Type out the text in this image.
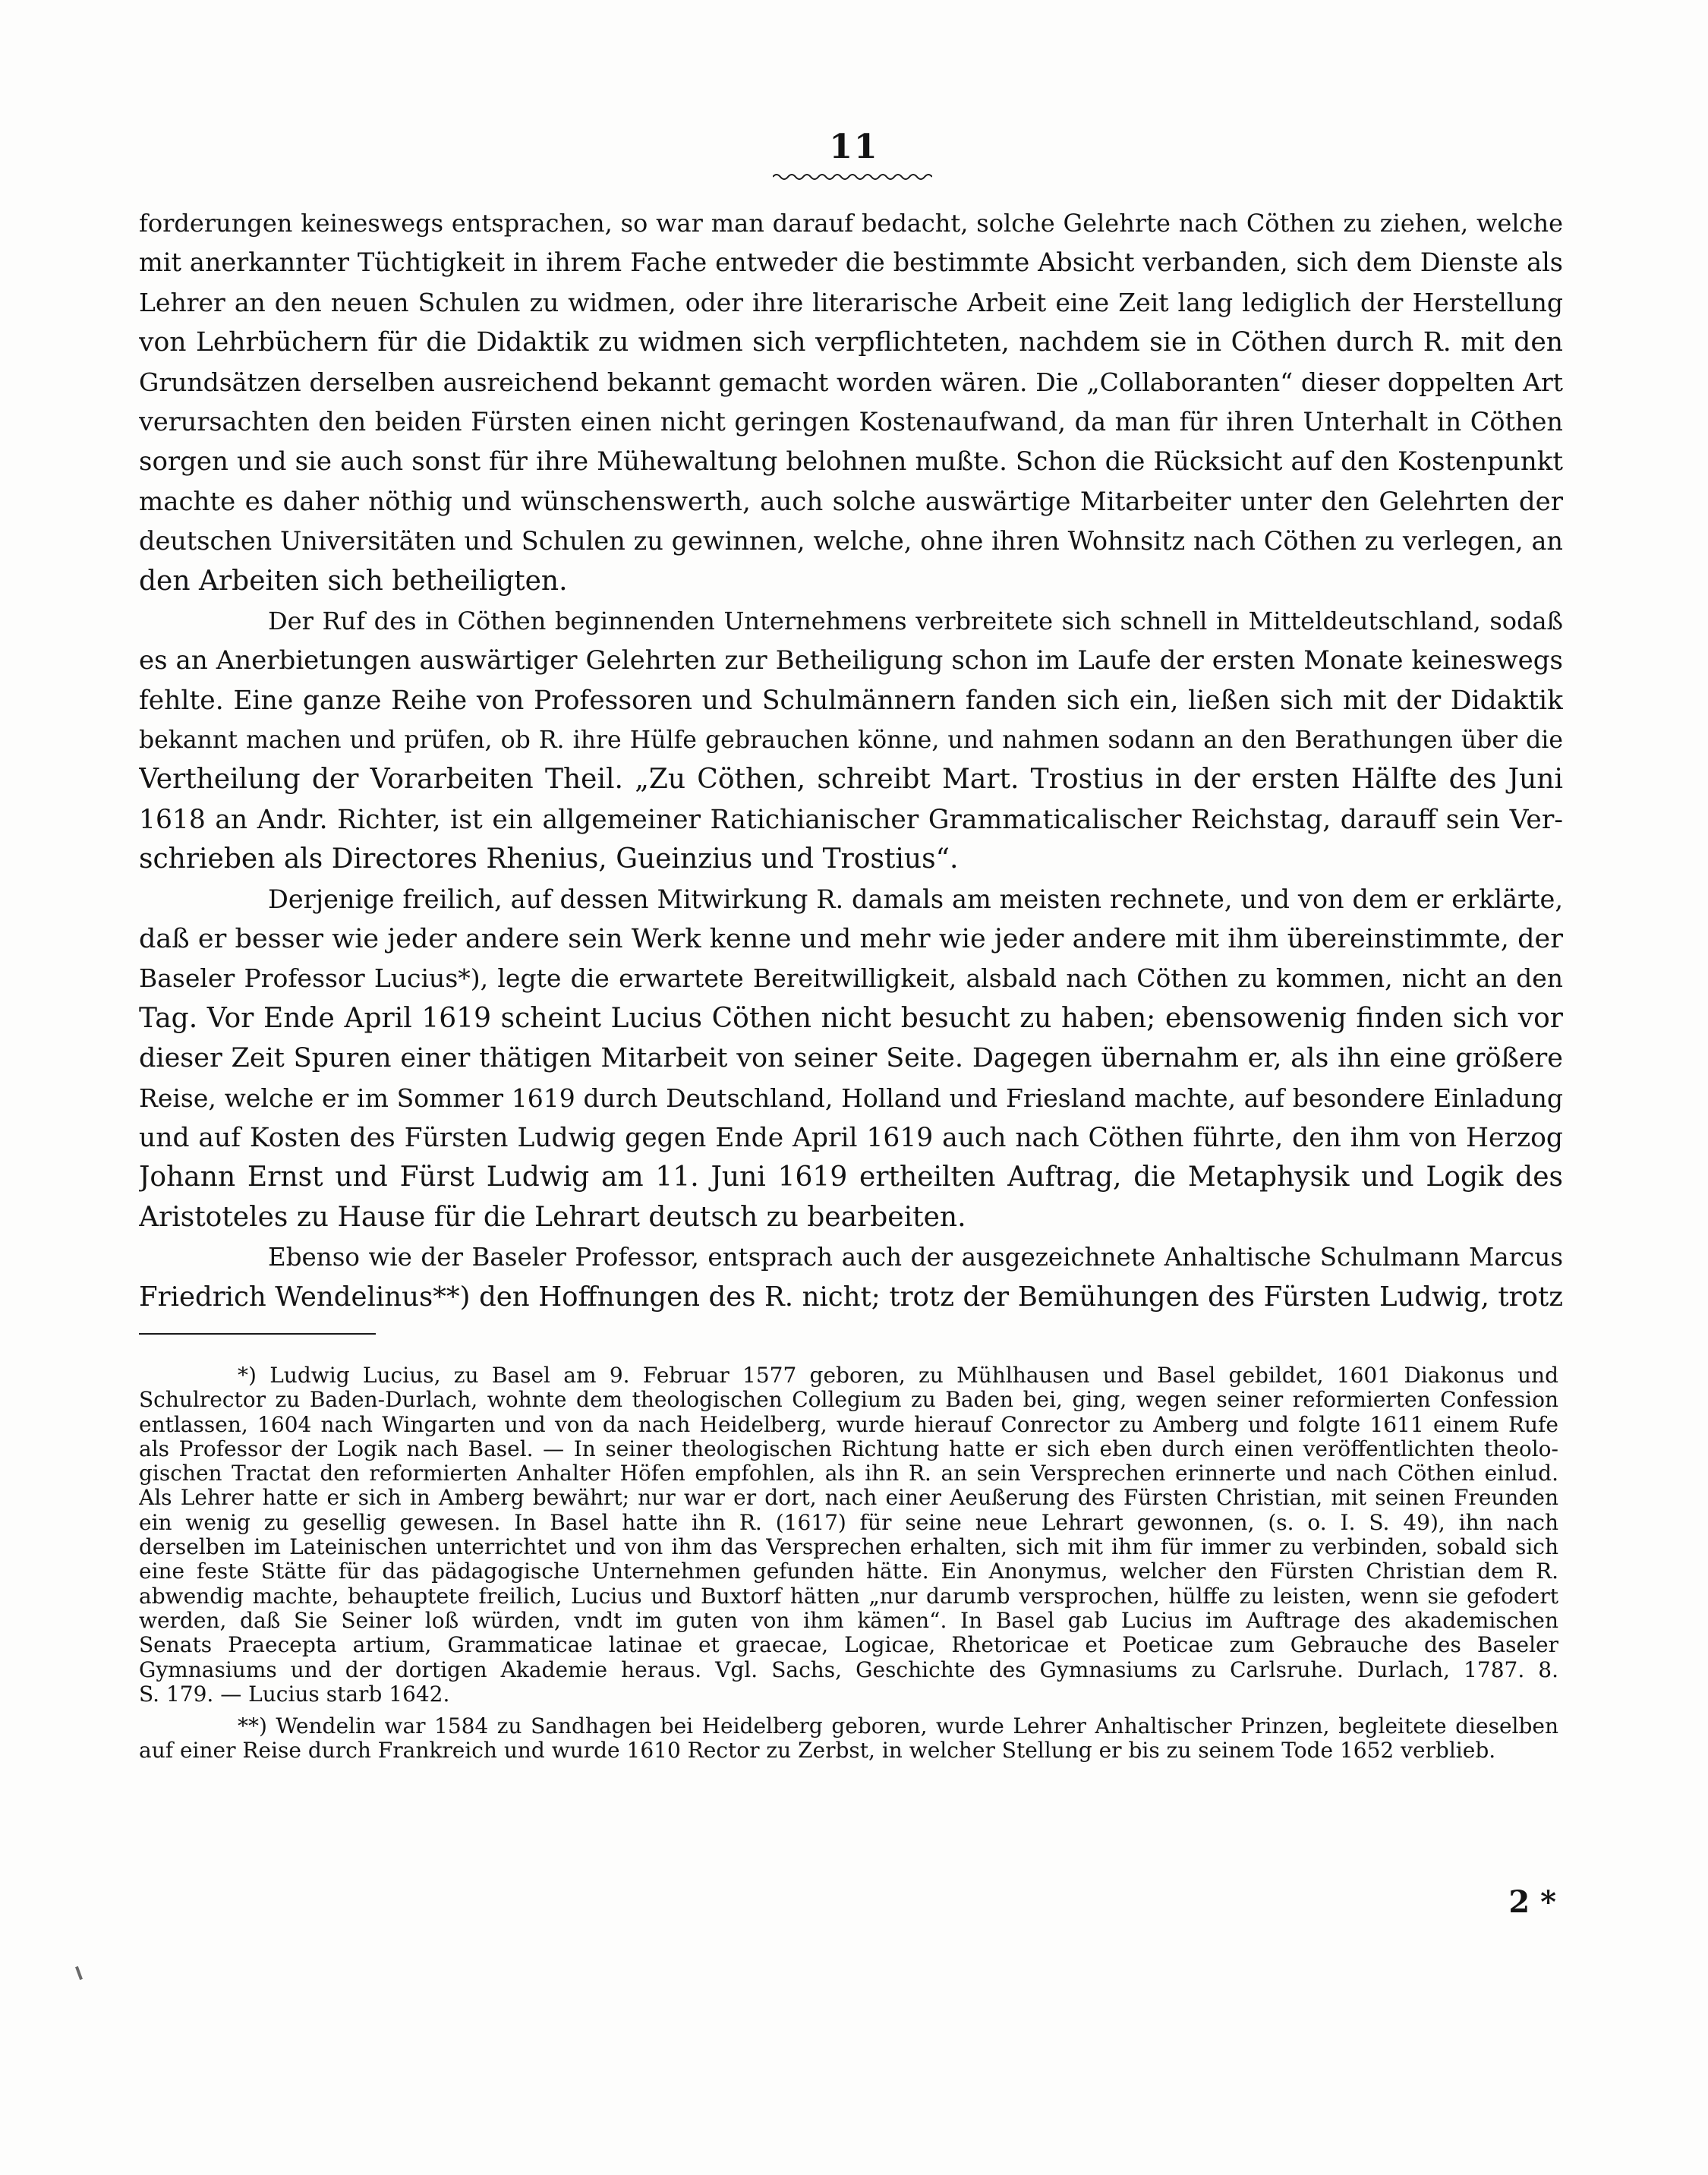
11
forderungen keineswegs entsprachen, so war man darauf bedacht, solche Gelehrte nach Cöthen zu ziehen, welche
mit anerkannter Tüchtigkeit in ihrem Fache entweder die bestimmte Absicht verbanden, sich dem Dienste als
Lehrer an den neuen Schulen zu widmen, oder ihre literarische Arbeit eine Zeit lang lediglich der Herstellung
von Lehrbüchern für die Didaktik zu widmen sich verpflichteten, nachdem sie in Cöthen durch R. mit den
Grundsätzen derselben ausreichend bekannt gemacht worden wären. Die „Collaboranten“ dieser doppelten Art
verursachten den beiden Fürsten einen nicht geringen Kostenaufwand, da man für ihren Unterhalt in Cöthen
sorgen und sie auch sonst für ihre Mühewaltung belohnen mußte. Schon die Rücksicht auf den Kostenpunkt
machte es daher nöthig und wünschenswerth, auch solche auswärtige Mitarbeiter unter den Gelehrten der
deutschen Universitäten und Schulen zu gewinnen, welche, ohne ihren Wohnsitz nach Cöthen zu verlegen, an
den Arbeiten sich betheiligten.
Der Ruf des in Cöthen beginnenden Unternehmens verbreitete sich schnell in Mitteldeutschland, sodaß
es an Anerbietungen auswärtiger Gelehrten zur Betheiligung schon im Laufe der ersten Monate keineswegs
fehlte. Eine ganze Reihe von Professoren und Schulmännern fanden sich ein, ließen sich mit der Didaktik
bekannt machen und prüfen, ob R. ihre Hülfe gebrauchen könne, und nahmen sodann an den Berathungen über die
Vertheilung der Vorarbeiten Theil. „Zu Cöthen, schreibt Mart. Trostius in der ersten Hälfte des Juni
1618 an Andr. Richter, ist ein allgemeiner Ratichianischer Grammaticalischer Reichstag, darauff sein Ver-
schrieben als Directores Rhenius, Gueinzius und Trostius“.
Derjenige freilich, auf dessen Mitwirkung R. damals am meisten rechnete, und von dem er erklärte,
daß er besser wie jeder andere sein Werk kenne und mehr wie jeder andere mit ihm übereinstimmte, der
Baseler Professor Lucius*), legte die erwartete Bereitwilligkeit, alsbald nach Cöthen zu kommen, nicht an den
Tag. Vor Ende April 1619 scheint Lucius Cöthen nicht besucht zu haben; ebensowenig finden sich vor
dieser Zeit Spuren einer thätigen Mitarbeit von seiner Seite. Dagegen übernahm er, als ihn eine größere
Reise, welche er im Sommer 1619 durch Deutschland, Holland und Friesland machte, auf besondere Einladung
und auf Kosten des Fürsten Ludwig gegen Ende April 1619 auch nach Cöthen führte, den ihm von Herzog
Johann Ernst und Fürst Ludwig am 11. Juni 1619 ertheilten Auftrag, die Metaphysik und Logik des
Aristoteles zu Hause für die Lehrart deutsch zu bearbeiten.
Ebenso wie der Baseler Professor, entsprach auch der ausgezeichnete Anhaltische Schulmann Marcus
Friedrich Wendelinus**) den Hoffnungen des R. nicht; trotz der Bemühungen des Fürsten Ludwig, trotz
*) Ludwig Lucius, zu Basel am 9. Februar 1577 geboren, zu Mühlhausen und Basel gebildet, 1601 Diakonus und
Schulrector zu Baden-Durlach, wohnte dem theologischen Collegium zu Baden bei, ging, wegen seiner reformierten Confession
entlassen, 1604 nach Wingarten und von da nach Heidelberg, wurde hierauf Conrector zu Amberg und folgte 1611 einem Rufe
als Professor der Logik nach Basel. — In seiner theologischen Richtung hatte er sich eben durch einen veröffentlichten theolo-
gischen Tractat den reformierten Anhalter Höfen empfohlen, als ihn R. an sein Versprechen erinnerte und nach Cöthen einlud.
Als Lehrer hatte er sich in Amberg bewährt; nur war er dort, nach einer Aeußerung des Fürsten Christian, mit seinen Freunden
ein wenig zu gesellig gewesen. In Basel hatte ihn R. (1617) für seine neue Lehrart gewonnen, (s. o. I. S. 49), ihn nach
derselben im Lateinischen unterrichtet und von ihm das Versprechen erhalten, sich mit ihm für immer zu verbinden, sobald sich
eine feste Stätte für das pädagogische Unternehmen gefunden hätte. Ein Anonymus, welcher den Fürsten Christian dem R.
abwendig machte, behauptete freilich, Lucius und Buxtorf hätten „nur darumb versprochen, hülffe zu leisten, wenn sie gefodert
werden, daß Sie Seiner loß würden, vndt im guten von ihm kämen“. In Basel gab Lucius im Auftrage des akademischen
Senats Praecepta artium, Grammaticae latinae et graecae, Logicae, Rhetoricae et Poeticae zum Gebrauche des Baseler
Gymnasiums und der dortigen Akademie heraus. Vgl. Sachs, Geschichte des Gymnasiums zu Carlsruhe. Durlach, 1787. 8.
S. 179. — Lucius starb 1642.
**) Wendelin war 1584 zu Sandhagen bei Heidelberg geboren, wurde Lehrer Anhaltischer Prinzen, begleitete dieselben
auf einer Reise durch Frankreich und wurde 1610 Rector zu Zerbst, in welcher Stellung er bis zu seinem Tode 1652 verblieb.
2 *
